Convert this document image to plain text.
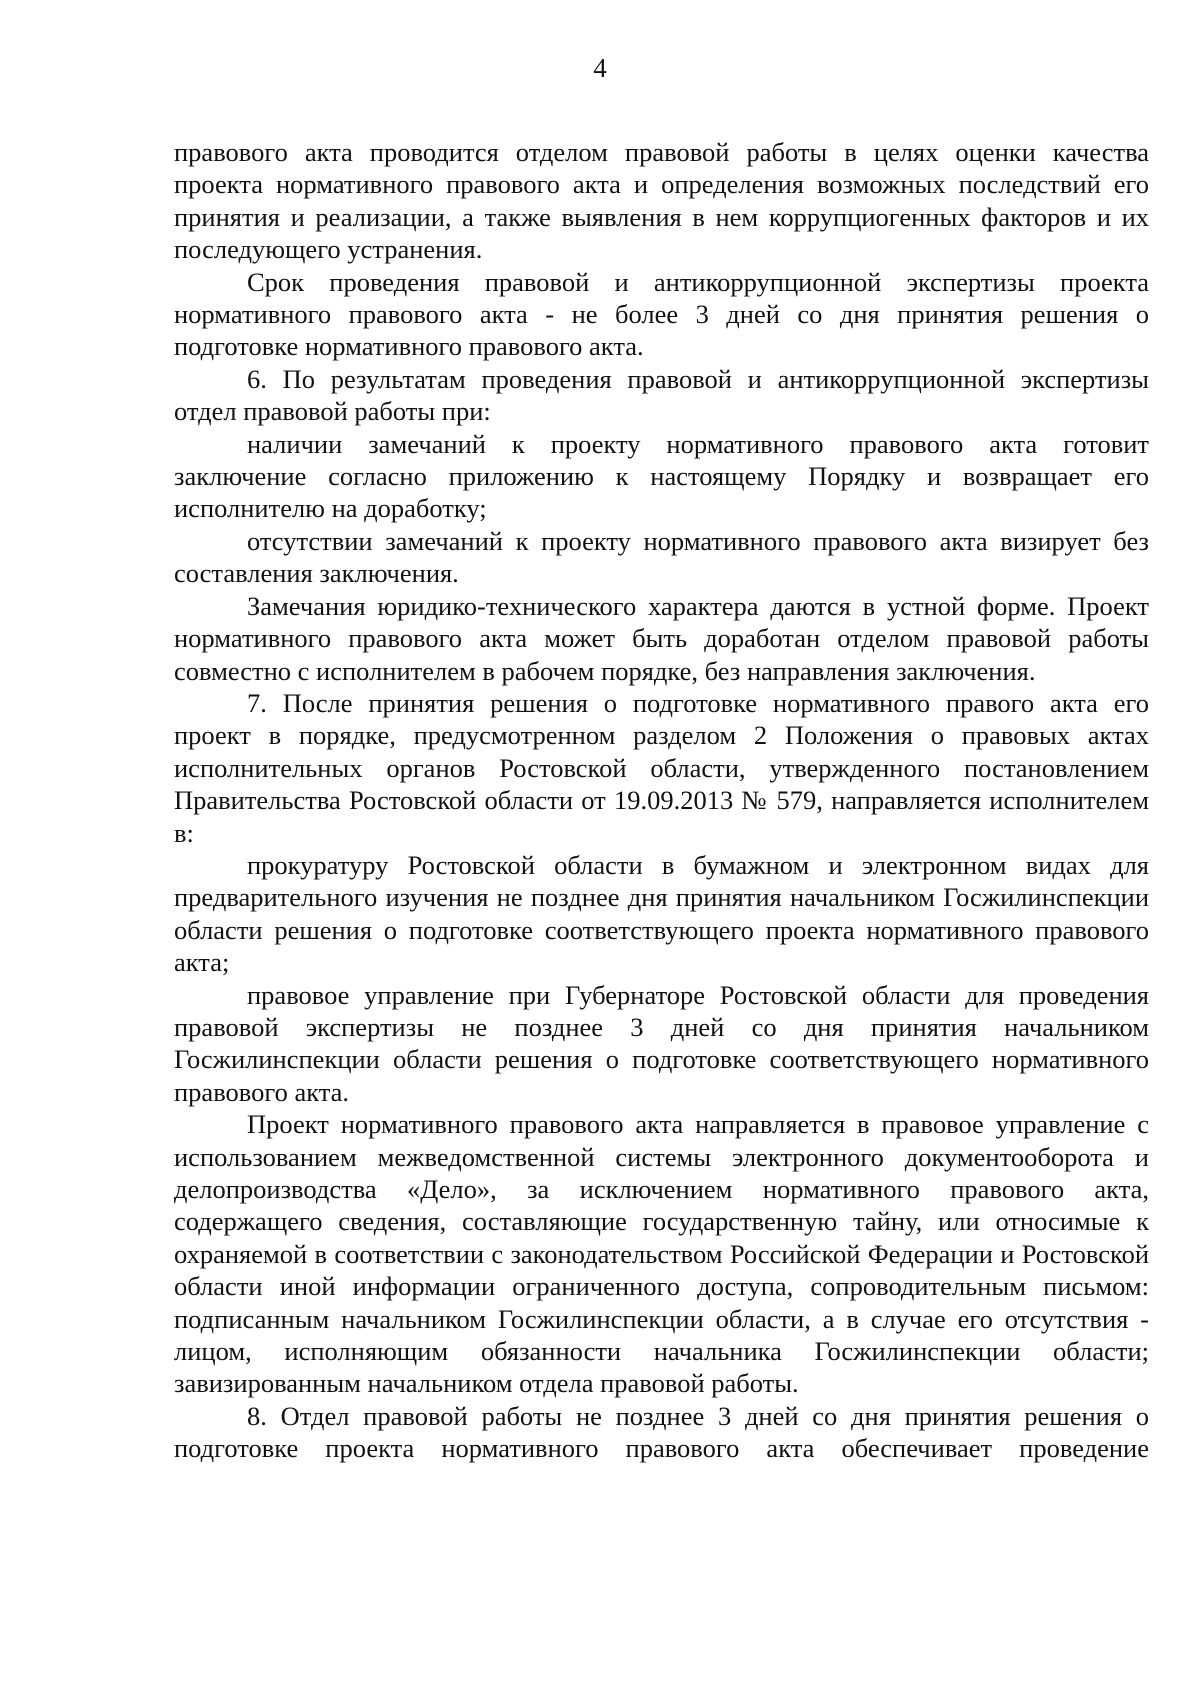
4

правового акта проводится отделом правовой работы в целях оценки качества проекта нормативного правового акта и определения возможных последствий его принятия и реализации, а также выявления в нем коррупциогенных факторов и их последующего устранения.

Срок проведения правовой и антикоррупционной экспертизы проекта нормативного правового акта - не более 3 дней со дня принятия решения о подготовке нормативного правового акта.

6. По результатам проведения правовой и антикоррупционной экспертизы отдел правовой работы при:

наличии замечаний к проекту нормативного правового акта готовит заключение согласно приложению к настоящему Порядку и возвращает его исполнителю на доработку;

отсутствии замечаний к проекту нормативного правового акта визирует без составления заключения.

Замечания юридико-технического характера даются в устной форме. Проект нормативного правового акта может быть доработан отделом правовой работы совместно с исполнителем в рабочем порядке, без направления заключения.

7. После принятия решения о подготовке нормативного правого акта его проект в порядке, предусмотренном разделом 2 Положения о правовых актах исполнительных органов Ростовской области, утвержденного постановлением Правительства Ростовской области от 19.09.2013 № 579, направляется исполнителем в:

прокуратуру Ростовской области в бумажном и электронном видах для предварительного изучения не позднее дня принятия начальником Госжилинспекции области решения о подготовке соответствующего проекта нормативного правового акта;

правовое управление при Губернаторе Ростовской области для проведения правовой экспертизы не позднее 3 дней со дня принятия начальником Госжилинспекции области решения о подготовке соответствующего нормативного правового акта.

Проект нормативного правового акта направляется в правовое управление с использованием межведомственной системы электронного документооборота и делопроизводства «Дело», за исключением нормативного правового акта, содержащего сведения, составляющие государственную тайну, или относимые к охраняемой в соответствии с законодательством Российской Федерации и Ростовской области иной информации ограниченного доступа, сопроводительным письмом: подписанным начальником Госжилинспекции области, а в случае его отсутствия - лицом, исполняющим обязанности начальника Госжилинспекции области; завизированным начальником отдела правовой работы.

8. Отдел правовой работы не позднее 3 дней со дня принятия решения о подготовке проекта нормативного правового акта обеспечивает проведение
